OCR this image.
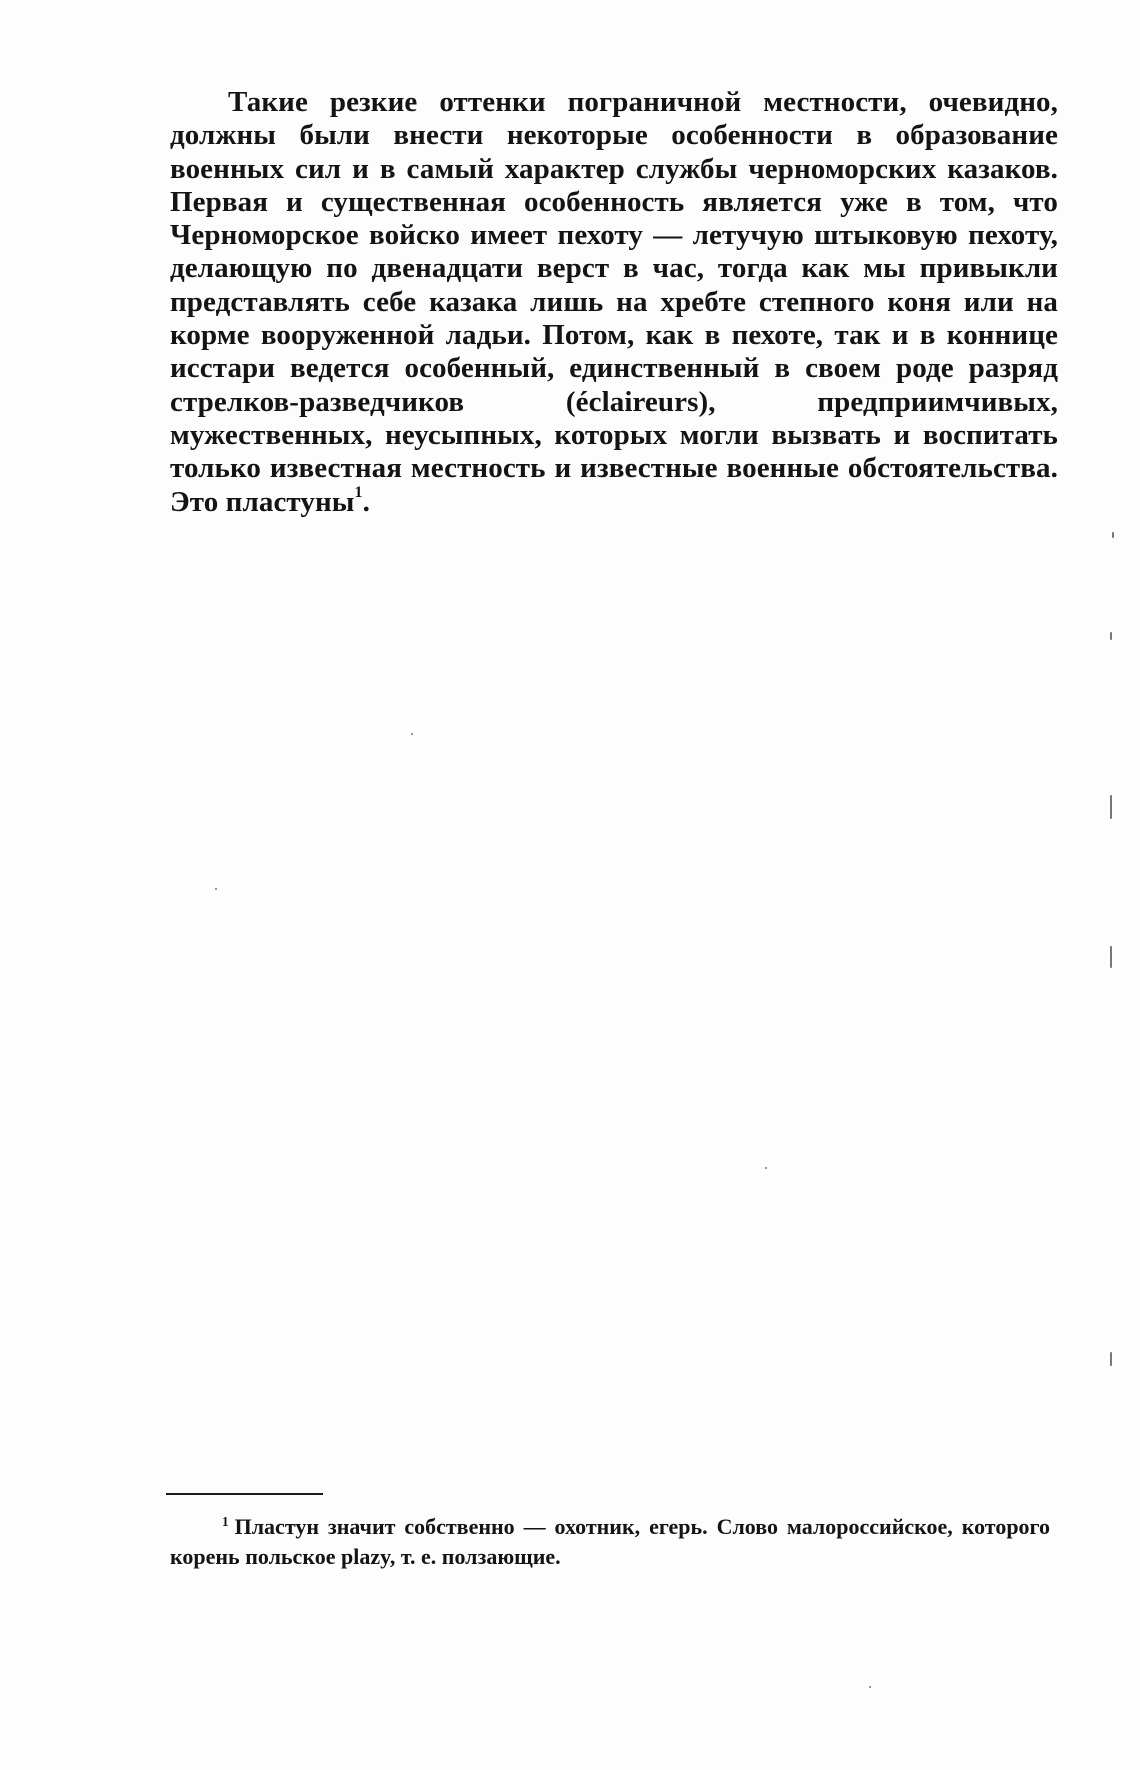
Такие резкие оттенки пограничной местности, очевидно, должны были внести некоторые особенности в образование военных сил и в самый характер службы черноморских казаков. Первая и существенная особенность является уже в том, что Черноморское войско имеет пехоту — летучую штыковую пехоту, делающую по двенадцати верст в час, тогда как мы привыкли представлять себе казака лишь на хребте степного коня или на корме вооруженной ладьи. Потом, как в пехоте, так и в коннице исстари ведется особенный, единственный в своем роде разряд стрелков-разведчиков (éclaireurs), предприимчивых, мужественных, неусыпных, которых могли вызвать и воспитать только известная местность и известные военные обстоятельства. Это пластуны$^1$.

$^1$ Пластун значит собственно — охотник, егерь. Слово малороссийское, которого корень польское plazy, т. е. ползающие.
